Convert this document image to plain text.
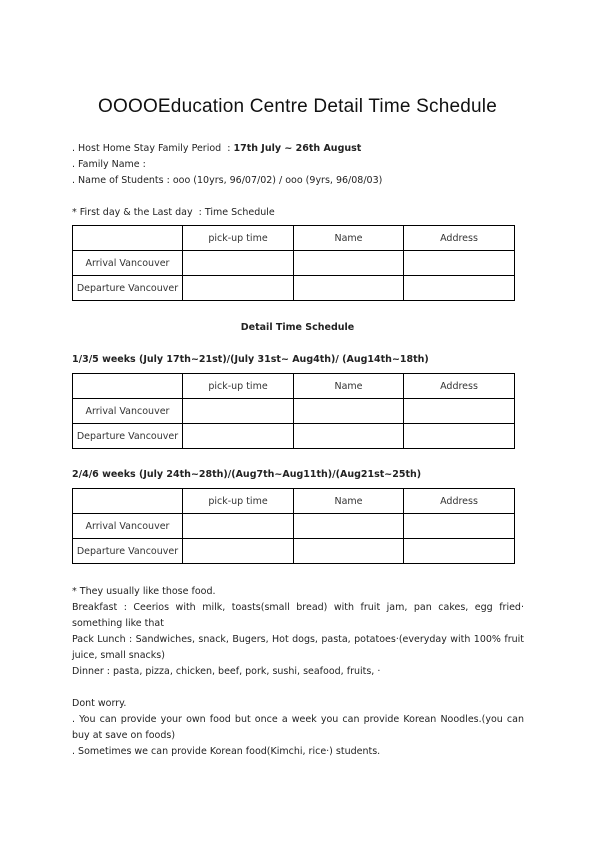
OOOOEducation Centre Detail Time Schedule
. Host Home Stay Family Period  : 17th July ~ 26th August
. Family Name :
. Name of Students : ooo (10yrs, 96/07/02) / ooo (9yrs, 96/08/03)
* First day & the Last day  : Time Schedule
	pick-up time	Name	Address
Arrival Vancouver			
Departure Vancouver			
Detail Time Schedule
1/3/5 weeks (July 17th~21st)/(July 31st~ Aug4th)/ (Aug14th~18th)
	pick-up time	Name	Address
Arrival Vancouver			
Departure Vancouver			
2/4/6 weeks (July 24th~28th)/(Aug7th~Aug11th)/(Aug21st~25th)
	pick-up time	Name	Address
Arrival Vancouver			
Departure Vancouver			
* They usually like those food.
Breakfast : Ceerios with milk, toasts(small bread) with fruit jam, pan cakes, egg fried· something like that
Pack Lunch : Sandwiches, snack, Bugers, Hot dogs, pasta, potatoes·(everyday with 100% fruit juice, small snacks)
Dinner : pasta, pizza, chicken, beef, pork, sushi, seafood, fruits, ·
Dont worry.
. You can provide your own food but once a week you can provide Korean Noodles.(you can buy at save on foods)
. Sometimes we can provide Korean food(Kimchi, rice·) students.
